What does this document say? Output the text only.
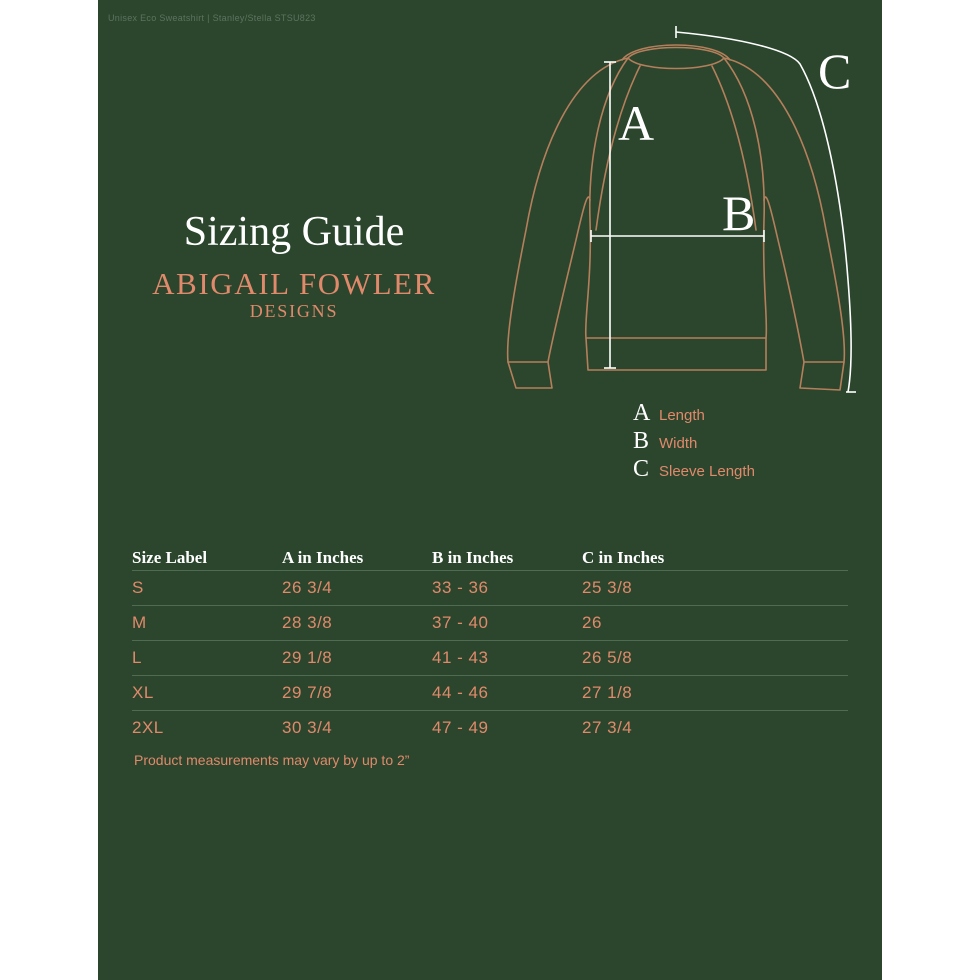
Unisex Eco Sweatshirt | Stanley/Stella STSU823
Sizing Guide
ABIGAIL FOWLER
DESIGNS
A
B
C
A Length
B Width
C Sleeve Length
Size Label	A in Inches	B in Inches	C in Inches
S	26 3/4	33 - 36	25 3/8
M	28 3/8	37 - 40	26
L	29 1/8	41 - 43	26 5/8
XL	29 7/8	44 - 46	27 1/8
2XL	30 3/4	47 - 49	27 3/4
Product measurements may vary by up to 2”
